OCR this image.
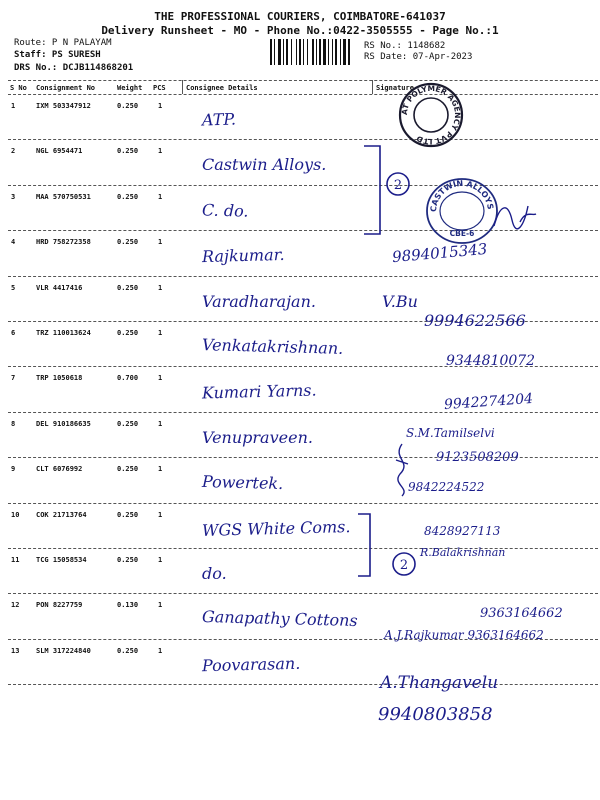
THE PROFESSIONAL COURIERS, COIMBATORE-641037
Delivery Runsheet - MO - Phone No.:0422-3505555 - Page No.:1
Route: P N PALAYAM
Staff: PS SURESH
DRS No.: DCJB114868201
RS No.: 1148682
RS Date: 07-Apr-2023
S No Consignment No	Weight PCS	Consignee Details	Signature
1	IXM 503347912	0.250	1
ATP.
2	NGL 6954471	0.250	1
Castwin Alloys.
3	MAA 570750531	0.250	1
C. do.
4	HRD 758272358	0.250	1
Rajkumar.
5	VLR 4417416	0.250	1
Varadharajan.
6	TRZ 110013624	0.250	1
Venkatakrishnan.
7	TRP 1050618	0.700	1
Kumari Yarns.
8	DEL 910186635	0.250	1
Venupraveen.
9	CLT 6076992	0.250	1
Powertek.
10 COK 21713764	0.250	1
WGS White Coms.
11 TCG 15058534	0.250	1
do.
12 PON 8227759	0.130	1
Ganapathy Cottons
13 SLM 317224840	0.250	1
Poovarasan.
2
2
AT POLYMER AGENCY PVT LTD
CASTWIN ALLOYS
CBE-6
9894015343
V.Bu
9994622566
9344810072
9942274204
S.M.Tamilselvi
9123508209
9842224522
8428927113
R.Balakrishnan
9363164662
A.J.Rajkumar 9363164662
A.Thangavelu
9940803858
